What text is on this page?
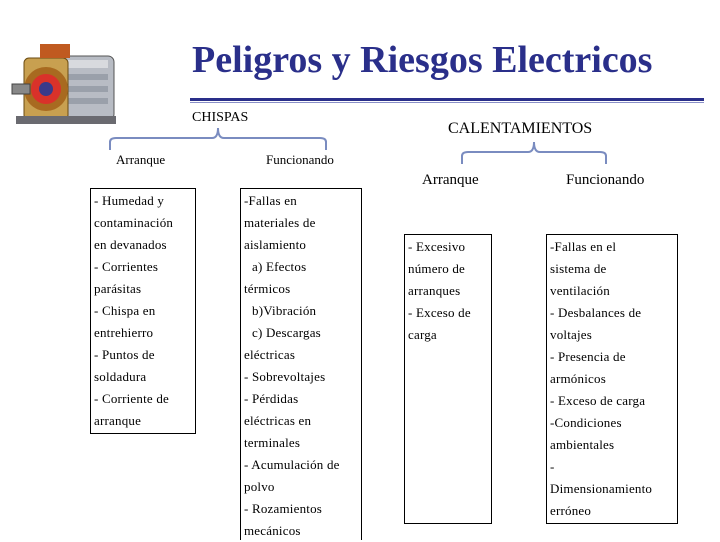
Peligros y Riesgos Electricos
CHISPAS
Arranque	Funcionando
- Humedad y
contaminación
en devanados
- Corrientes
parásitas
- Chispa en
entrehierro
- Puntos de
soldadura
- Corriente de
arranque
-Fallas en
materiales de
aislamiento
a) Efectos
térmicos
b)Vibración
c) Descargas
eléctricas
- Sobrevoltajes
- Pérdidas
eléctricas en
terminales
- Acumulación de
polvo
- Rozamientos
mecánicos
CALENTAMIENTOS
Arranque	Funcionando
- Excesivo
número de
arranques
- Exceso de
carga
-Fallas en el
sistema de
ventilación
- Desbalances de
voltajes
- Presencia de
armónicos
- Exceso de carga
-Condiciones
ambientales
-
Dimensionamiento
erróneo
